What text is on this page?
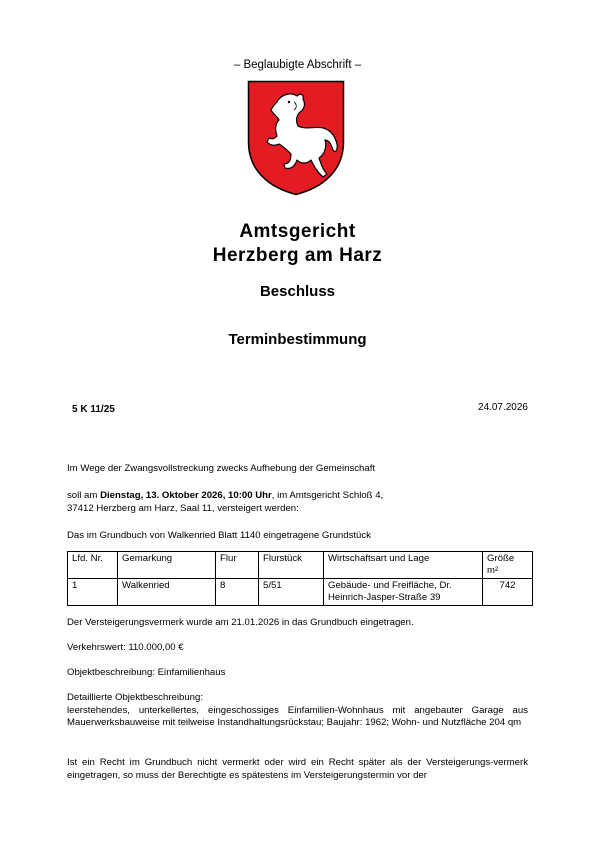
– Beglaubigte Abschrift –
Amtsgericht
Herzberg am Harz
Beschluss
Terminbestimmung
5 K 11/25	24.07.2026
Im Wege der Zwangsvollstreckung zwecks Aufhebung der Gemeinschaft
soll am Dienstag, 13. Oktober 2026, 10:00 Uhr, im Amtsgericht Schloß 4,
37412 Herzberg am Harz, Saal 11, versteigert werden:
Das im Grundbuch von Walkenried Blatt 1140 eingetragene Grundstück
Lfd. Nr.	Gemarkung	Flur	Flurstück	Wirtschaftsart und Lage	Größe m²
1	Walkenried	8	5/51	Gebäude- und Freifläche, Dr. Heinrich-Jasper-Straße 39	742
Der Versteigerungsvermerk wurde am 21.01.2026 in das Grundbuch eingetragen.
Verkehrswert: 110.000,00 €
Objektbeschreibung: Einfamilienhaus
Detaillierte Objektbeschreibung:
leerstehendes, unterkellertes, eingeschossiges Einfamilien-Wohnhaus mit angebauter Garage aus Mauerwerksbauweise mit teilweise Instandhaltungsrückstau; Baujahr: 1962; Wohn- und Nutzfläche 204 qm
Ist ein Recht im Grundbuch nicht vermerkt oder wird ein Recht später als der Versteigerungs-vermerk eingetragen, so muss der Berechtigte es spätestens im Versteigerungstermin vor der
